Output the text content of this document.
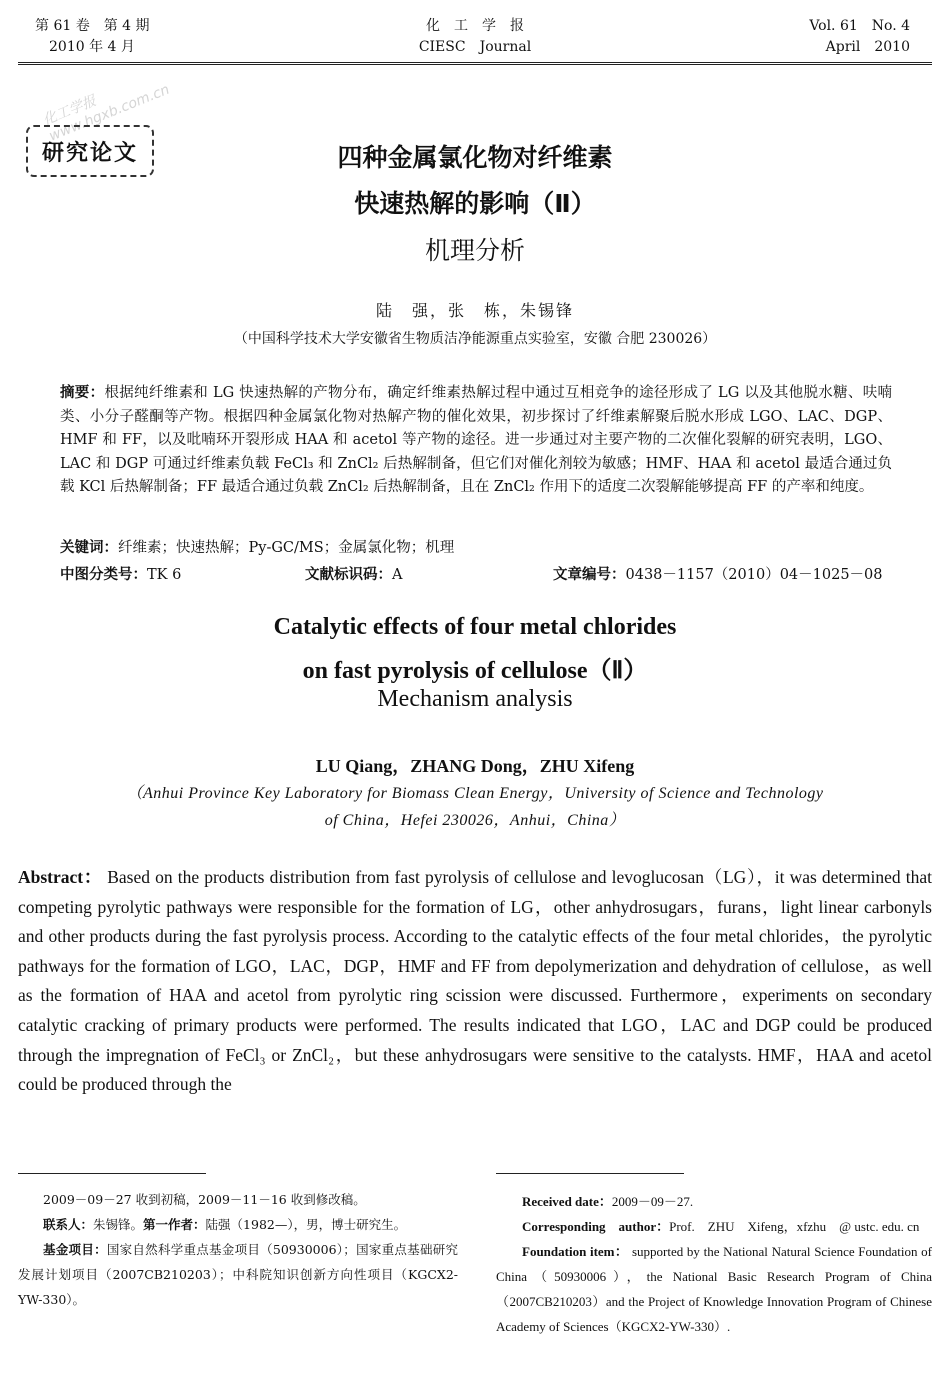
第 61 卷　第 4 期
2010 年 4 月
化　工　学　报
CIESC　Journal
Vol. 61　No. 4
April　2010
化工学报 www.hgxb.com.cn
研究论文	四种金属氯化物对纤维素
快速热解的影响（Ⅱ）
机理分析
陆　强，张　栋，朱锡锋
（中国科学技术大学安徽省生物质洁净能源重点实验室，安徽 合肥 230026）
摘要：根据纯纤维素和 LG 快速热解的产物分布，确定纤维素热解过程中通过互相竞争的途径形成了 LG 以及其他脱水糖、呋喃类、小分子醛酮等产物。根据四种金属氯化物对热解产物的催化效果，初步探讨了纤维素解聚后脱水形成 LGO、LAC、DGP、HMF 和 FF，以及吡喃环开裂形成 HAA 和 acetol 等产物的途径。进一步通过对主要产物的二次催化裂解的研究表明，LGO、LAC 和 DGP 可通过纤维素负载 FeCl₃ 和 ZnCl₂ 后热解制备，但它们对催化剂较为敏感；HMF、HAA 和 acetol 最适合通过负载 KCl 后热解制备；FF 最适合通过负载 ZnCl₂ 后热解制备，且在 ZnCl₂ 作用下的适度二次裂解能够提高 FF 的产率和纯度。
关键词：纤维素；快速热解；Py-GC/MS；金属氯化物；机理
中图分类号：TK 6	文献标识码：A	文章编号：0438－1157（2010）04－1025－08
Catalytic effects of four metal chlorides
on fast pyrolysis of cellulose（Ⅱ）
Mechanism analysis
LU Qiang，ZHANG Dong，ZHU Xifeng
（Anhui Province Key Laboratory for Biomass Clean Energy，University of Science and Technology
of China，Hefei 230026，Anhui，China）
Abstract： Based on the products distribution from fast pyrolysis of cellulose and levoglucosan（LG），it was determined that competing pyrolytic pathways were responsible for the formation of LG，other anhydrosugars，furans，light linear carbonyls and other products during the fast pyrolysis process. According to the catalytic effects of the four metal chlorides，the pyrolytic pathways for the formation of LGO，LAC，DGP，HMF and FF from depolymerization and dehydration of cellulose，as well as the formation of HAA and acetol from pyrolytic ring scission were discussed. Furthermore，experiments on secondary catalytic cracking of primary products were performed. The results indicated that LGO，LAC and DGP could be produced through the impregnation of FeCl₃ or ZnCl₂，but these anhydrosugars were sensitive to the catalysts. HMF，HAA and acetol could be produced through the

2009－09－27 收到初稿，2009－11－16 收到修改稿。

联系人：朱锡锋。第一作者：陆强（1982—），男，博士研究生。

基金项目：国家自然科学重点基金项目（50930006）；国家重点基础研究发展计划项目（2007CB210203）；中科院知识创新方向性项目（KGCX2-YW-330）。

Received date：2009－09－27.

Corresponding　author：Prof.　ZHU　Xifeng，xfzhu　@ ustc. edu. cn

Foundation item： supported by the National Natural Science Foundation of China（50930006），the National Basic Research Program of China（2007CB210203）and the Project of Knowledge Innovation Program of Chinese Academy of Sciences（KGCX2-YW-330）.
